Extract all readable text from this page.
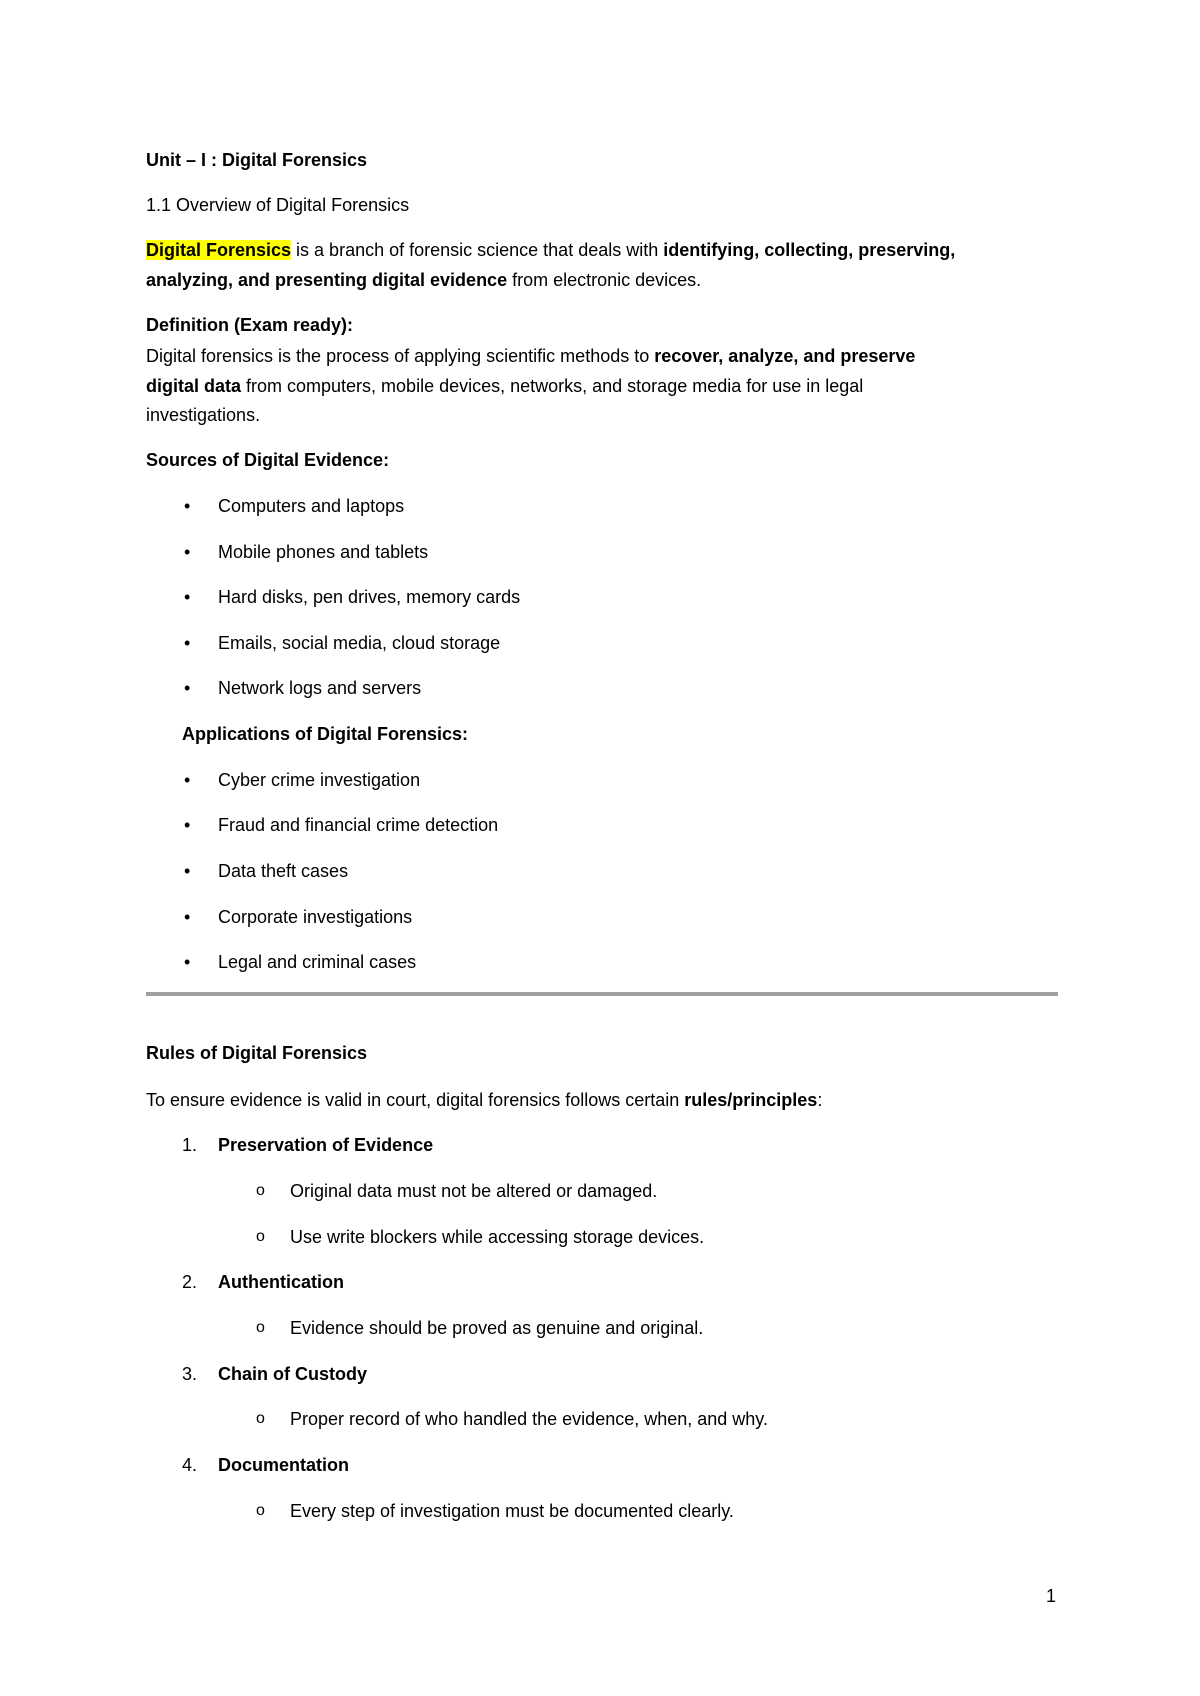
Unit – I : Digital Forensics
1.1 Overview of Digital Forensics
Digital Forensics is a branch of forensic science that deals with identifying, collecting, preserving,
analyzing, and presenting digital evidence from electronic devices.
Definition (Exam ready):
Digital forensics is the process of applying scientific methods to recover, analyze, and preserve
digital data from computers, mobile devices, networks, and storage media for use in legal
investigations.
Sources of Digital Evidence:
• Computers and laptops
• Mobile phones and tablets
• Hard disks, pen drives, memory cards
• Emails, social media, cloud storage
• Network logs and servers
Applications of Digital Forensics:
• Cyber crime investigation
• Fraud and financial crime detection
• Data theft cases
• Corporate investigations
• Legal and criminal cases
Rules of Digital Forensics
To ensure evidence is valid in court, digital forensics follows certain rules/principles:
1. Preservation of Evidence
o Original data must not be altered or damaged.
o Use write blockers while accessing storage devices.
2. Authentication
o Evidence should be proved as genuine and original.
3. Chain of Custody
o Proper record of who handled the evidence, when, and why.
4. Documentation
o Every step of investigation must be documented clearly.
1
